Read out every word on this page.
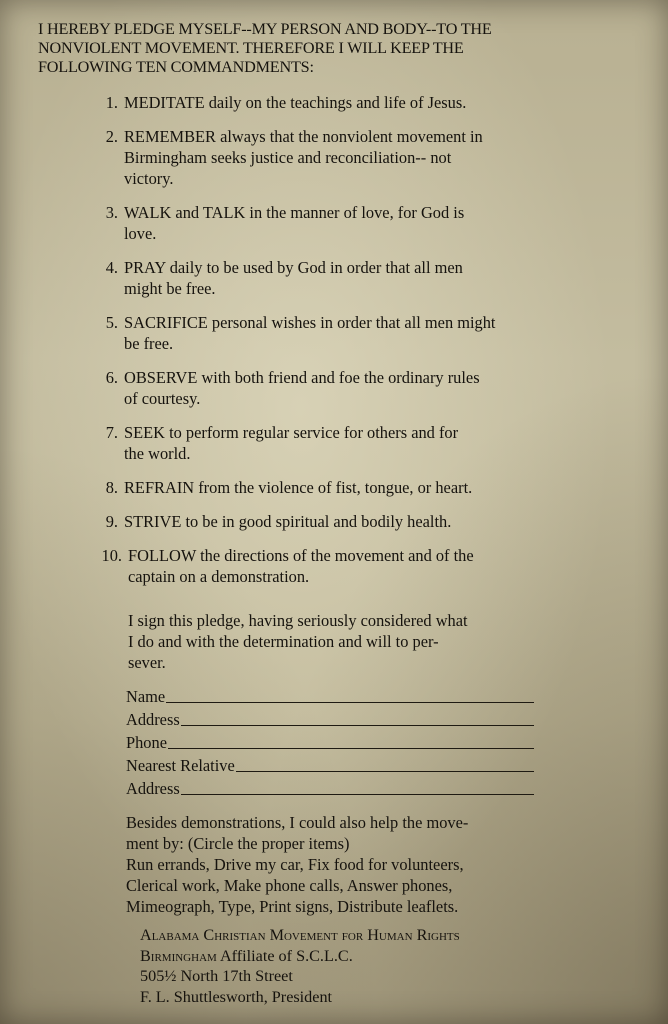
I HEREBY PLEDGE MYSELF--MY PERSON AND BODY--TO THE
NONVIOLENT MOVEMENT. THEREFORE I WILL KEEP THE
FOLLOWING TEN COMMANDMENTS:
1. MEDITATE daily on the teachings and life of Jesus.
2. REMEMBER always that the nonviolent movement in
Birmingham seeks justice and reconciliation-- not
victory.
3. WALK and TALK in the manner of love, for God is
love.
4. PRAY daily to be used by God in order that all men
might be free.
5. SACRIFICE personal wishes in order that all men might
be free.
6. OBSERVE with both friend and foe the ordinary rules
of courtesy.
7. SEEK to perform regular service for others and for
the world.
8. REFRAIN from the violence of fist, tongue, or heart.
9. STRIVE to be in good spiritual and bodily health.
10. FOLLOW the directions of the movement and of the
captain on a demonstration.
I sign this pledge, having seriously considered what
I do and with the determination and will to per-
sever.
Name
Address
Phone
Nearest Relative
Address
Besides demonstrations, I could also help the move-
ment by: (Circle the proper items)
Run errands, Drive my car, Fix food for volunteers,
Clerical work, Make phone calls, Answer phones,
Mimeograph, Type, Print signs, Distribute leaflets.
Alabama Christian Movement for Human Rights
Birmingham Affiliate of S.C.L.C.
505½ North 17th Street
F. L. Shuttlesworth, President
